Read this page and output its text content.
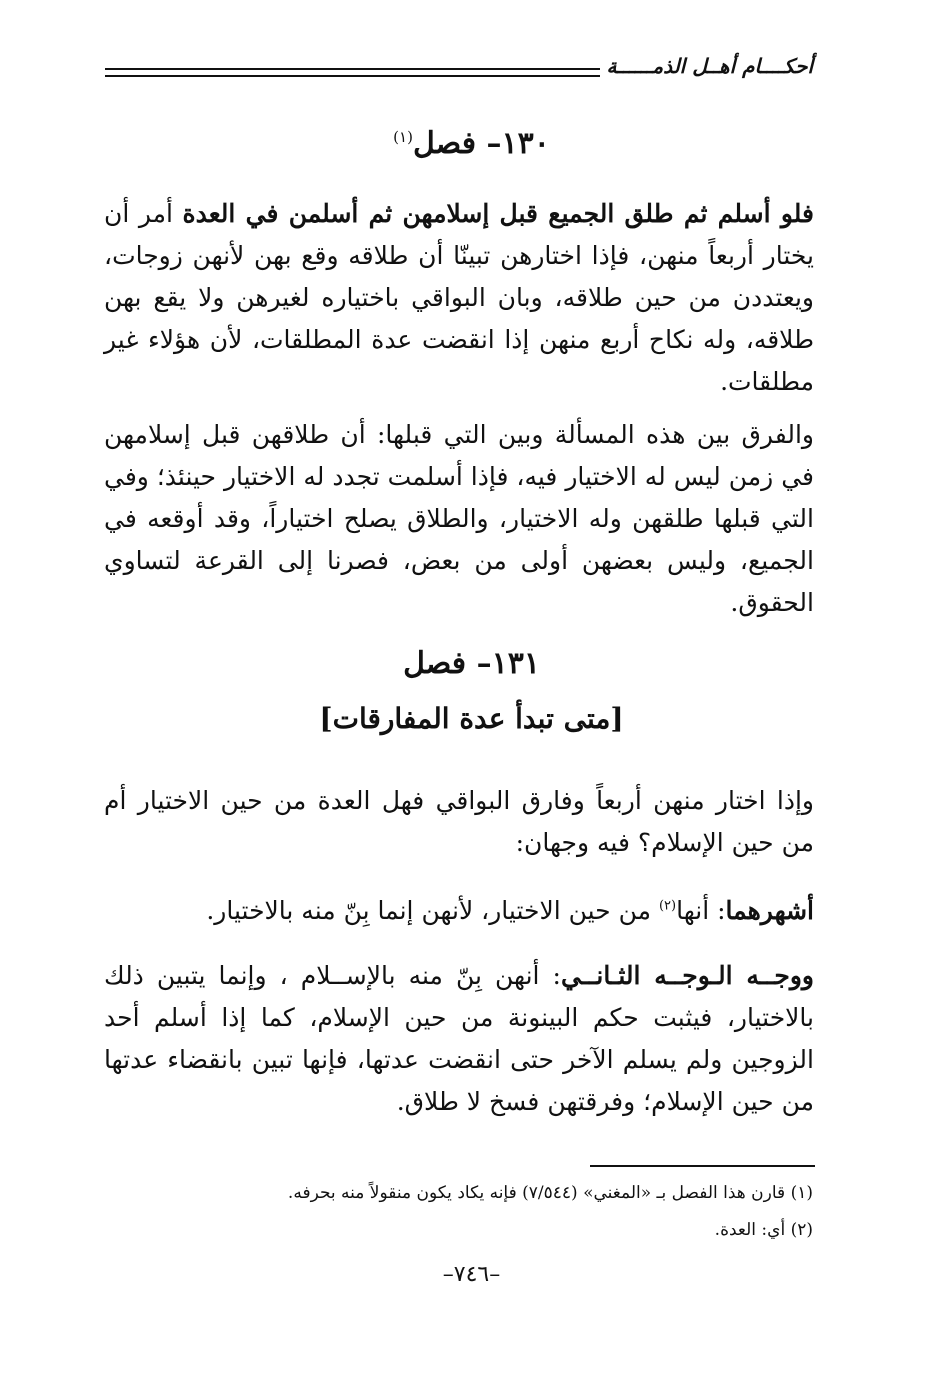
أحكــــام أهــل الذمــــــة
١٣٠– فصل$^{(١)}$

فلو أسلم ثم طلق الجميع قبل إسلامهن ثم أسلمن في العدة أمر أن يختار أربعاً منهن، فإذا اختارهن تبينّا أن طلاقه وقع بهن لأنهن زوجات، ويعتددن من حين طلاقه، وبان البواقي باختياره لغيرهن ولا يقع بهن طلاقه، وله نكاح أربع منهن إذا انقضت عدة المطلقات، لأن هؤلاء غير مطلقات.

والفرق بين هذه المسألة وبين التي قبلها: أن طلاقهن قبل إسلامهن في زمن ليس له الاختيار فيه، فإذا أسلمت تجدد له الاختيار حينئذ؛ وفي التي قبلها طلقهن وله الاختيار، والطلاق يصلح اختياراً، وقد أوقعه في الجميع، وليس بعضهن أولى من بعض، فصرنا إلى القرعة لتساوي الحقوق.

١٣١– فصل
[متى تبدأ عدة المفارقات]

وإذا اختار منهن أربعاً وفارق البواقي فهل العدة من حين الاختيار أم من حين الإسلام؟ فيه وجهان:

أشهرهما: أنها$^{(٢)}$ من حين الاختيار، لأنهن إنما بِنّ منه بالاختيار.

ووجــه الـوجــه الثـانــي: أنهن بِنّ منه بالإســلام ، وإنما يتبين ذلك بالاختيار، فيثبت حكم البينونة من حين الإسلام، كما إذا أسلم أحد الزوجين ولم يسلم الآخر حتى انقضت عدتها، فإنها تبين بانقضاء عدتها من حين الإسلام؛ وفرقتهن فسخ لا طلاق.

(١) قارن هذا الفصل بـ «المغني» (٧/٥٤٤) فإنه يكاد يكون منقولاً منه بحرفه.
(٢) أي: العدة.
–٧٤٦–
